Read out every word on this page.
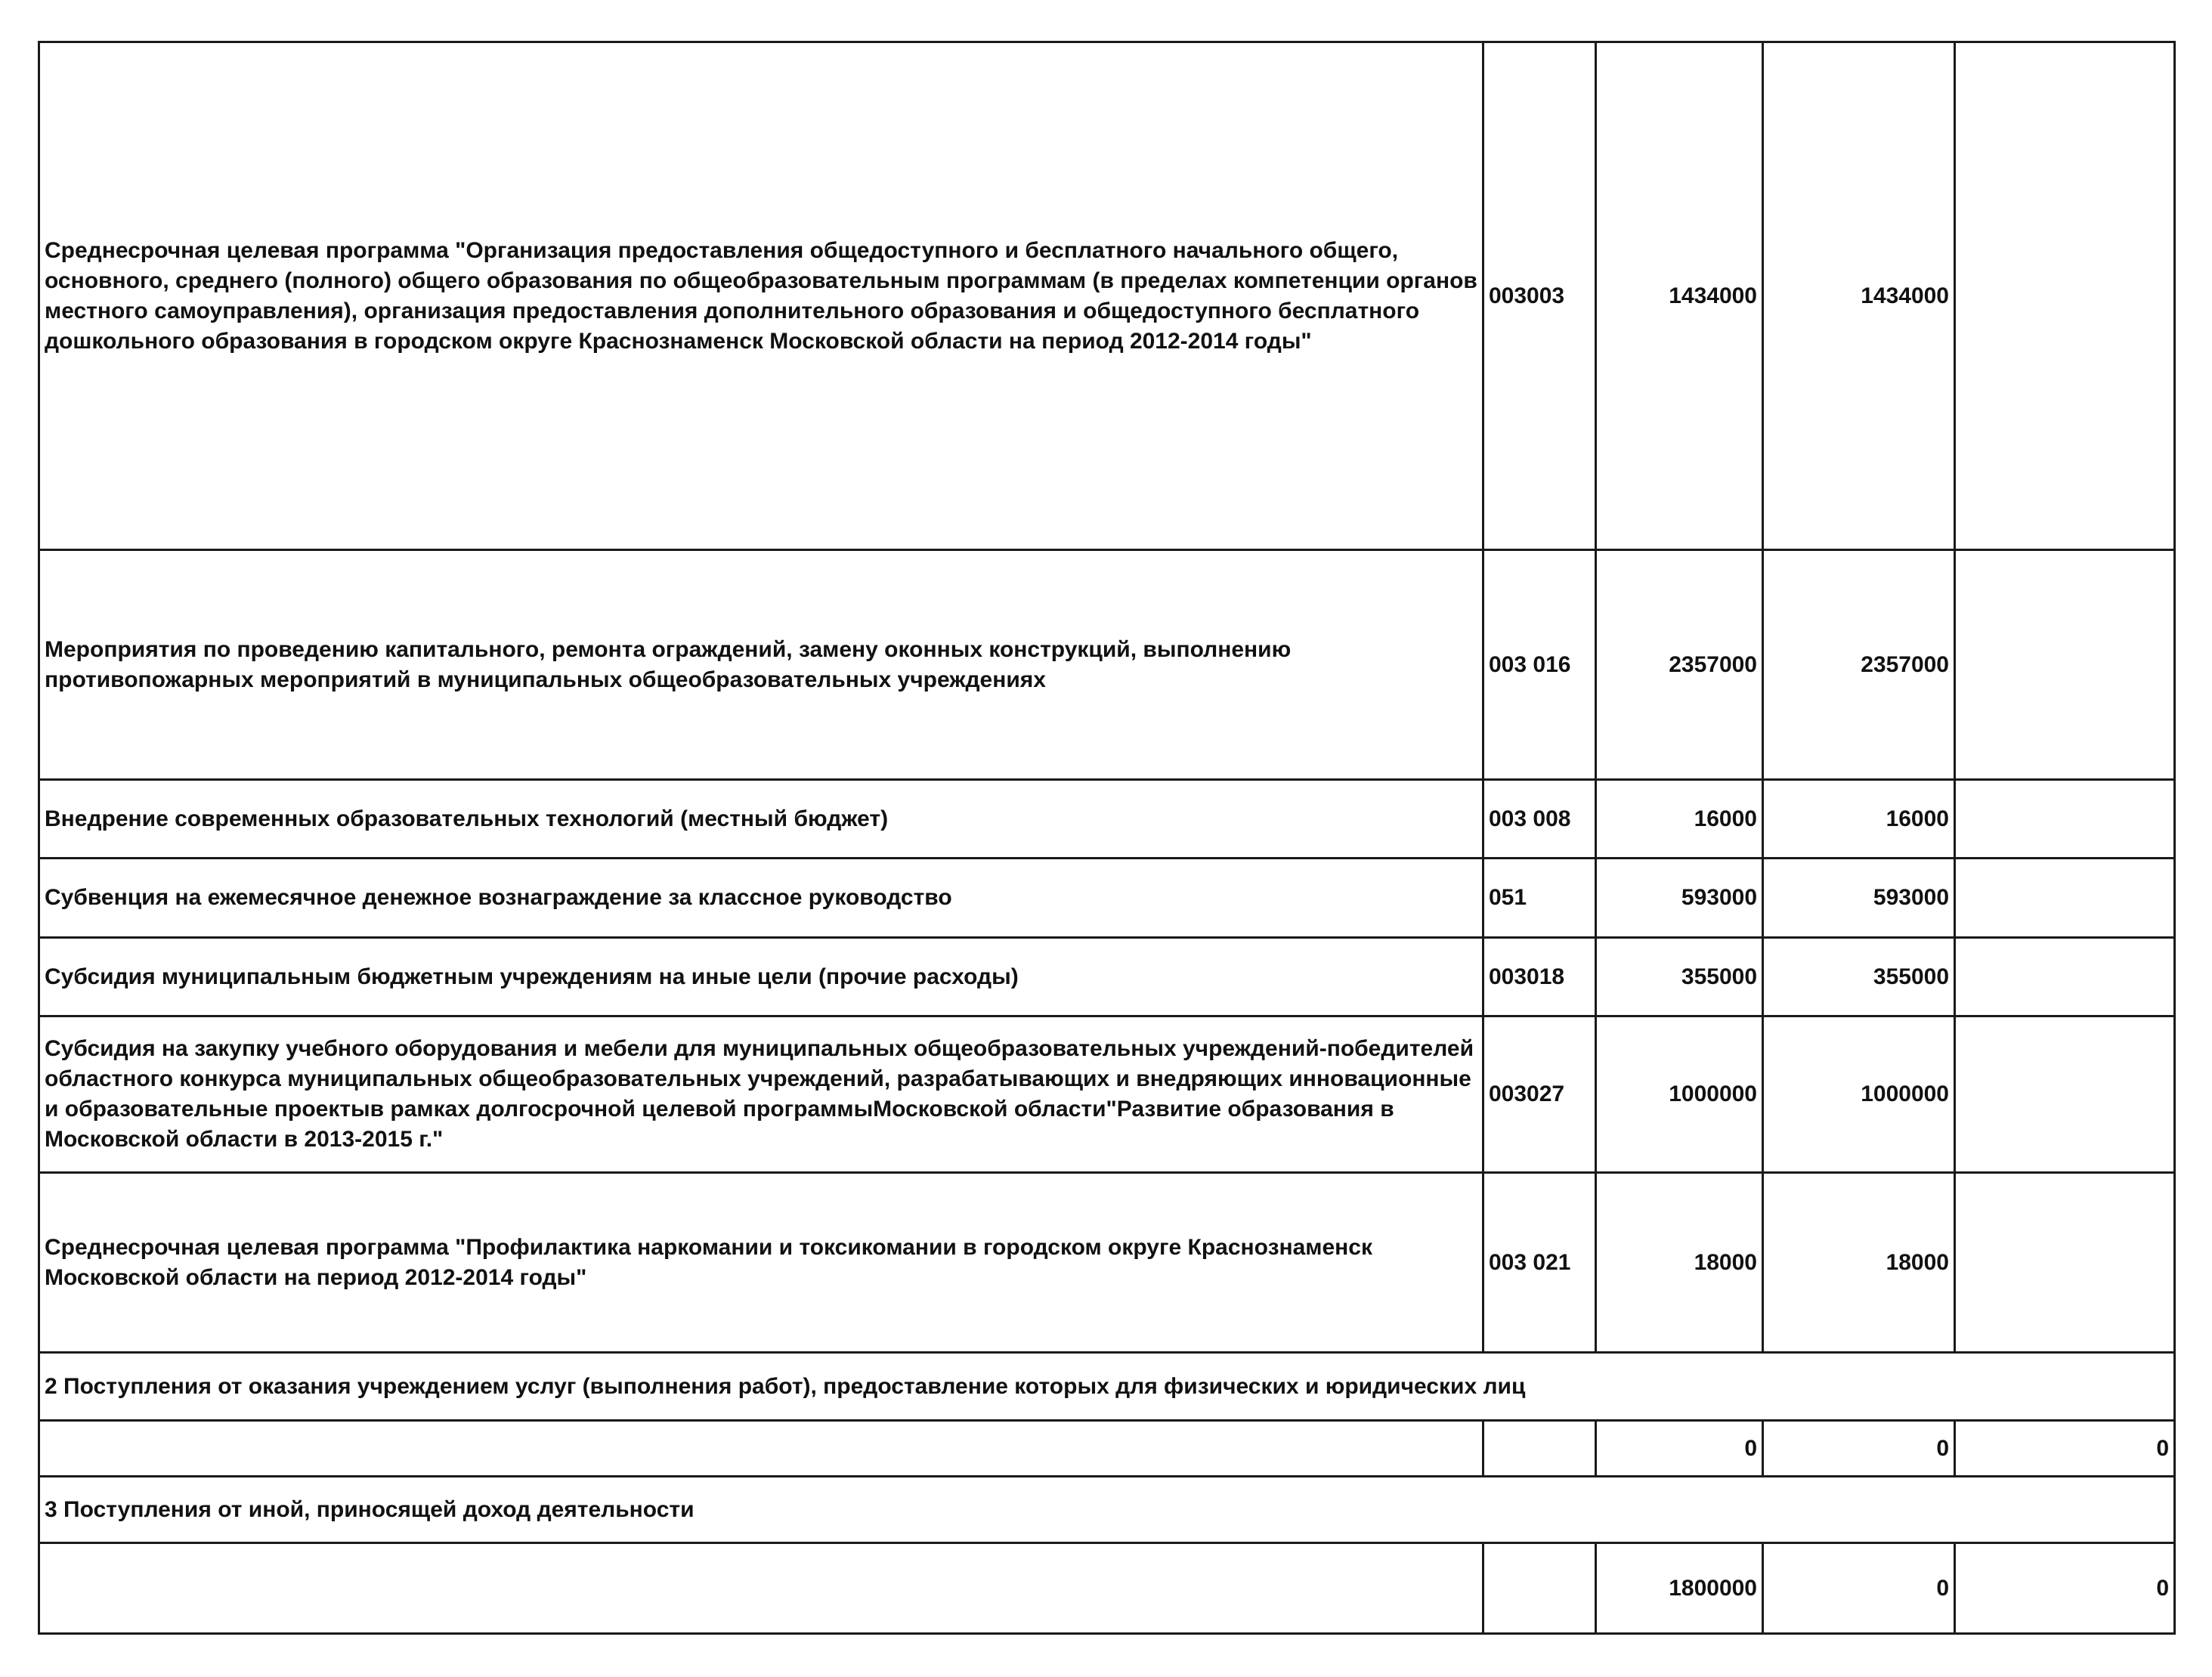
Среднесрочная целевая программа "Организация предоставления общедоступного и бесплатного начального общего, основного, среднего (полного) общего образования по общеобразовательным программам (в пределах компетенции органов местного самоуправления), организация предоставления дополнительного образования и общедоступного бесплатного дошкольного образования в городском округе Краснознаменск Московской области на период 2012-2014 годы"	003003	1434000	1434000	
Мероприятия по проведению капитального, ремонта ограждений, замену оконных конструкций, выполнению противопожарных мероприятий в муниципальных общеобразовательных учреждениях	003 016	2357000	2357000	
Внедрение современных образовательных технологий (местный бюджет)	003 008	16000	16000	
Субвенция на ежемесячное денежное вознаграждение за классное руководство	051	593000	593000	
Субсидия муниципальным бюджетным учреждениям на иные цели (прочие расходы)	003018	355000	355000	
Субсидия на закупку учебного оборудования и мебели для муниципальных общеобразовательных учреждений-победителей областного конкурса муниципальных общеобразовательных учреждений, разрабатывающих и внедряющих инновационные и образовательные проектыв рамках долгосрочной целевой программыМосковской области"Развитие образования в Московской области в 2013-2015 г."	003027	1000000	1000000	
Среднесрочная целевая программа "Профилактика наркомании и токсикомании в городском округе Краснознаменск Московской области на период 2012-2014 годы"	003 021	18000	18000	
2 Поступления от оказания учреждением услуг (выполнения работ), предоставление которых для физических и юридических лиц				
		0	0	0
3 Поступления от иной, приносящей доход деятельности				
		1800000	0	0
